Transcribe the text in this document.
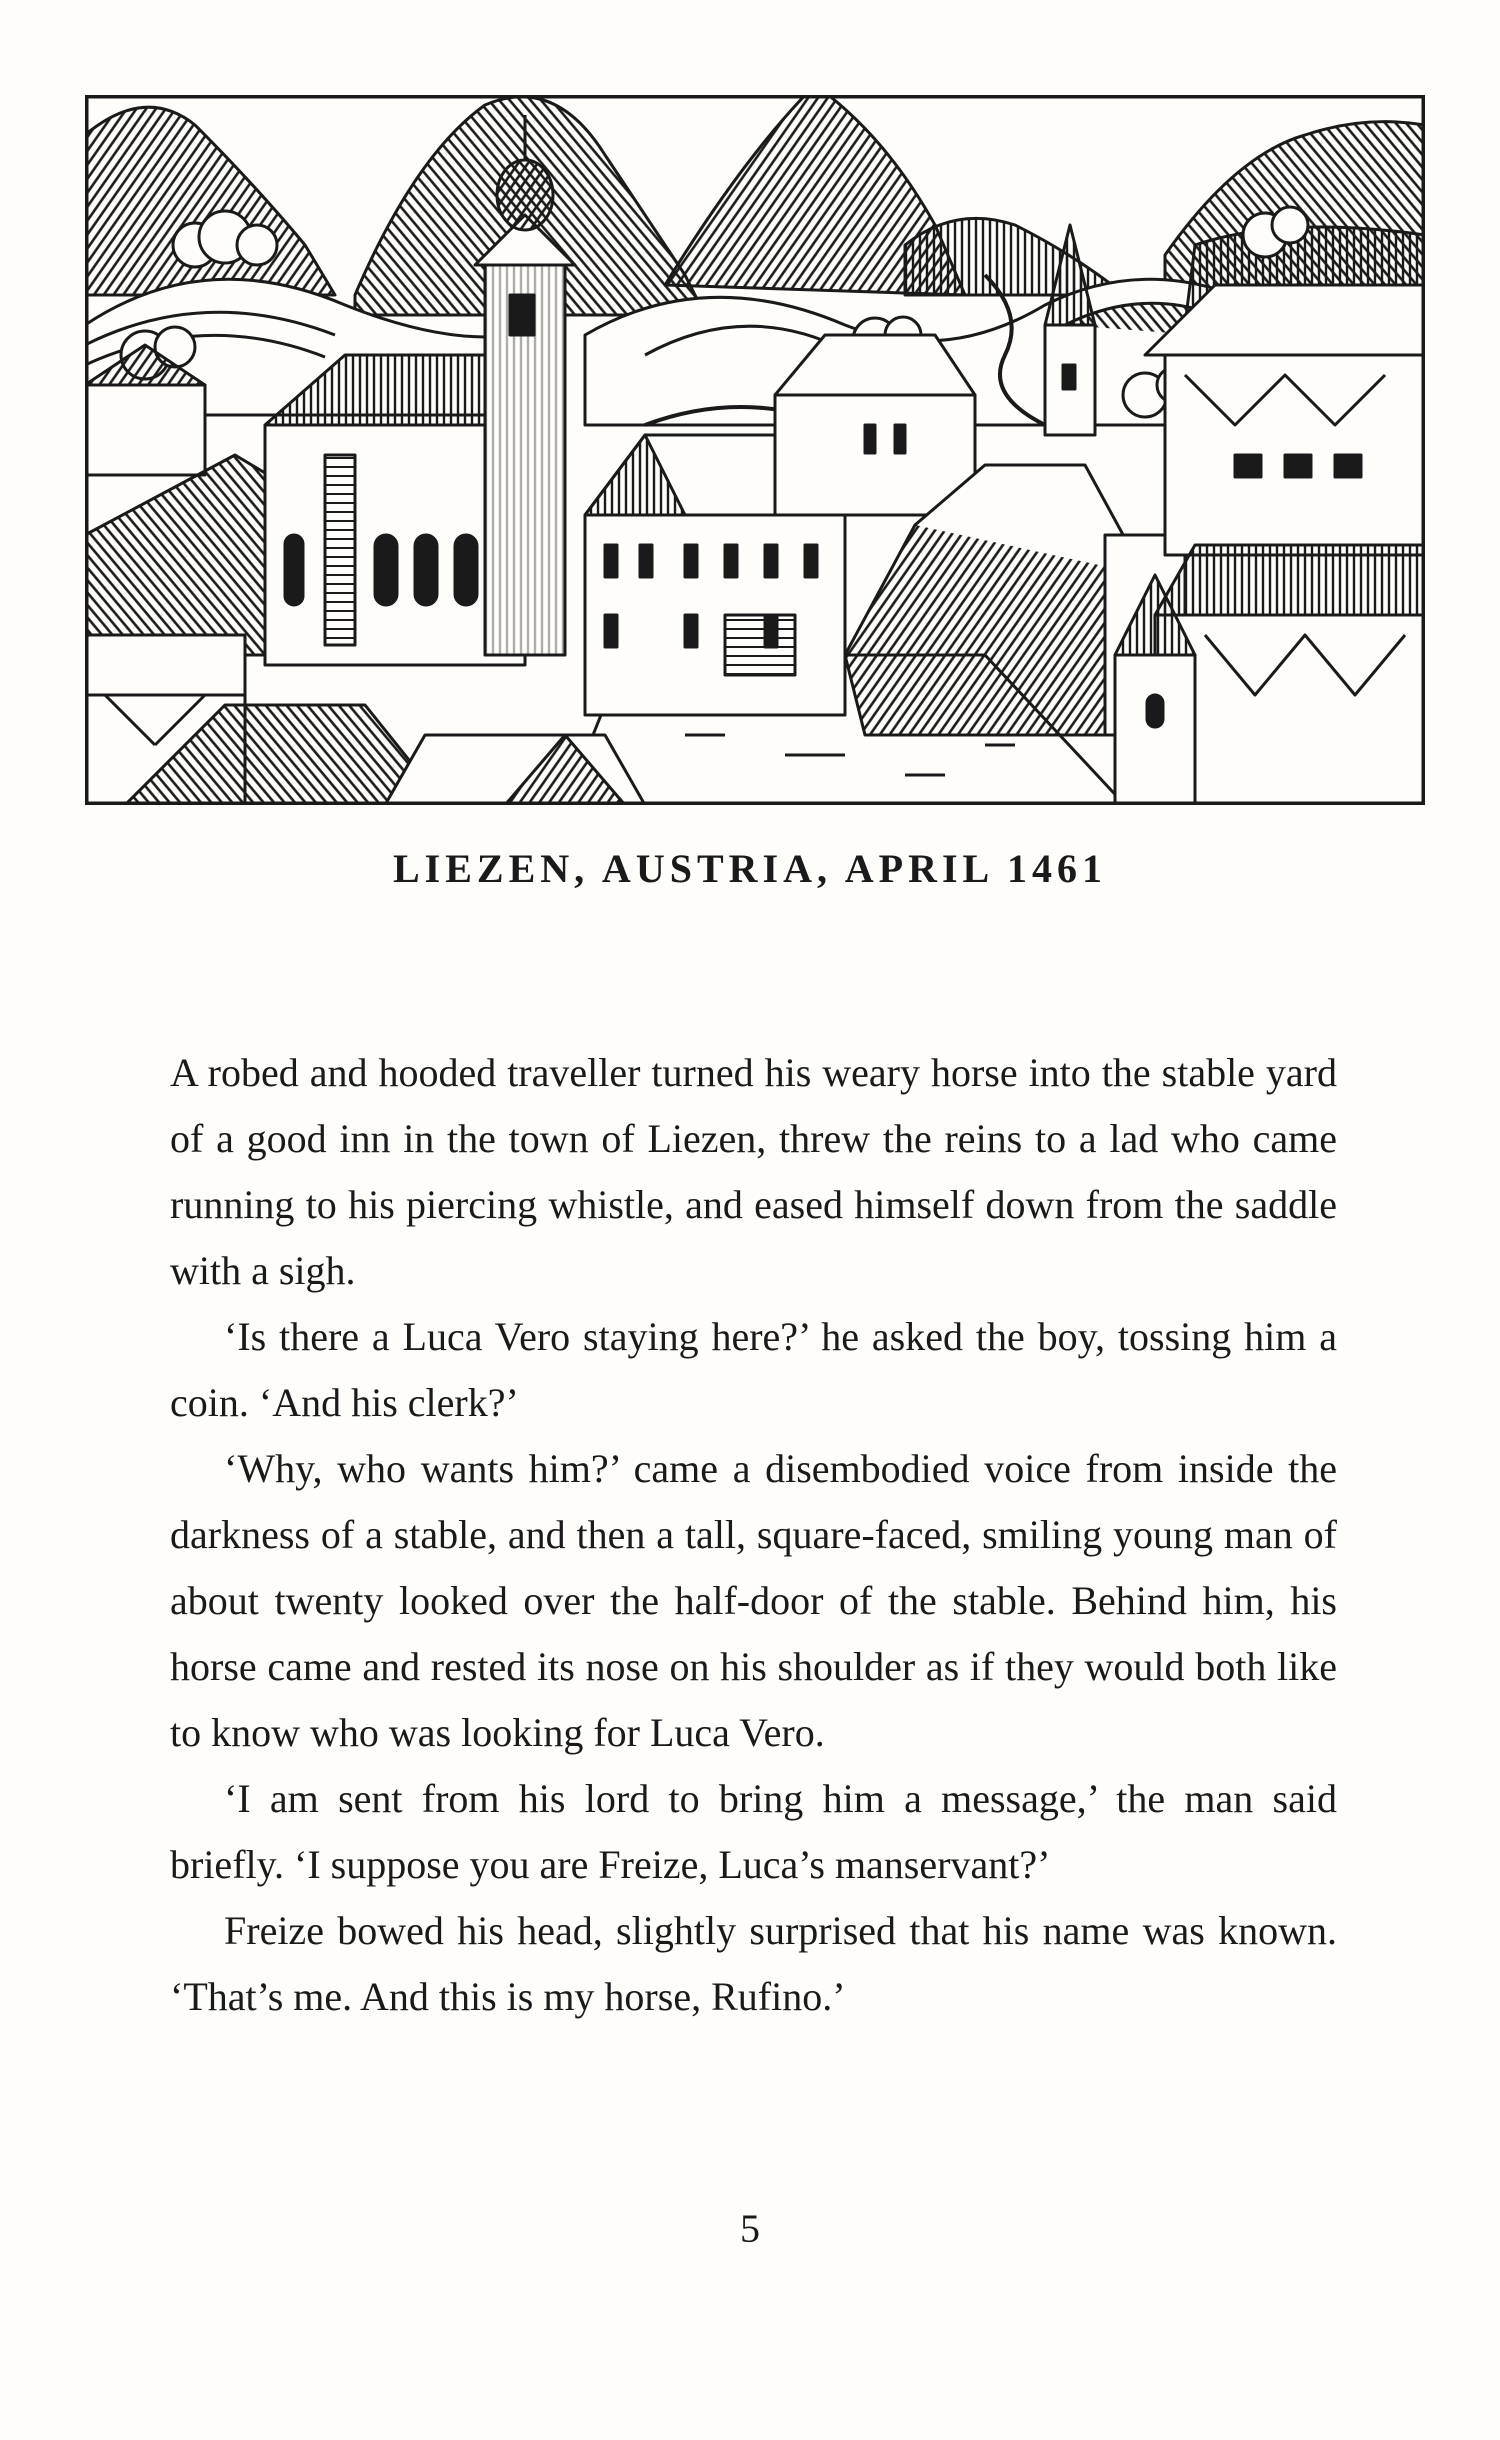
LIEZEN, AUSTRIA, APRIL 1461

A robed and hooded traveller turned his weary horse into the stable yard of a good inn in the town of Liezen, threw the reins to a lad who came running to his piercing whistle, and eased himself down from the saddle with a sigh.

‘Is there a Luca Vero staying here?’ he asked the boy, tossing him a coin. ‘And his clerk?’

‘Why, who wants him?’ came a disembodied voice from inside the darkness of a stable, and then a tall, square-faced, smiling young man of about twenty looked over the half-door of the stable. Behind him, his horse came and rested its nose on his shoulder as if they would both like to know who was looking for Luca Vero.

‘I am sent from his lord to bring him a message,’ the man said briefly. ‘I suppose you are Freize, Luca’s manservant?’

Freize bowed his head, slightly surprised that his name was known. ‘That’s me. And this is my horse, Rufino.’

5
